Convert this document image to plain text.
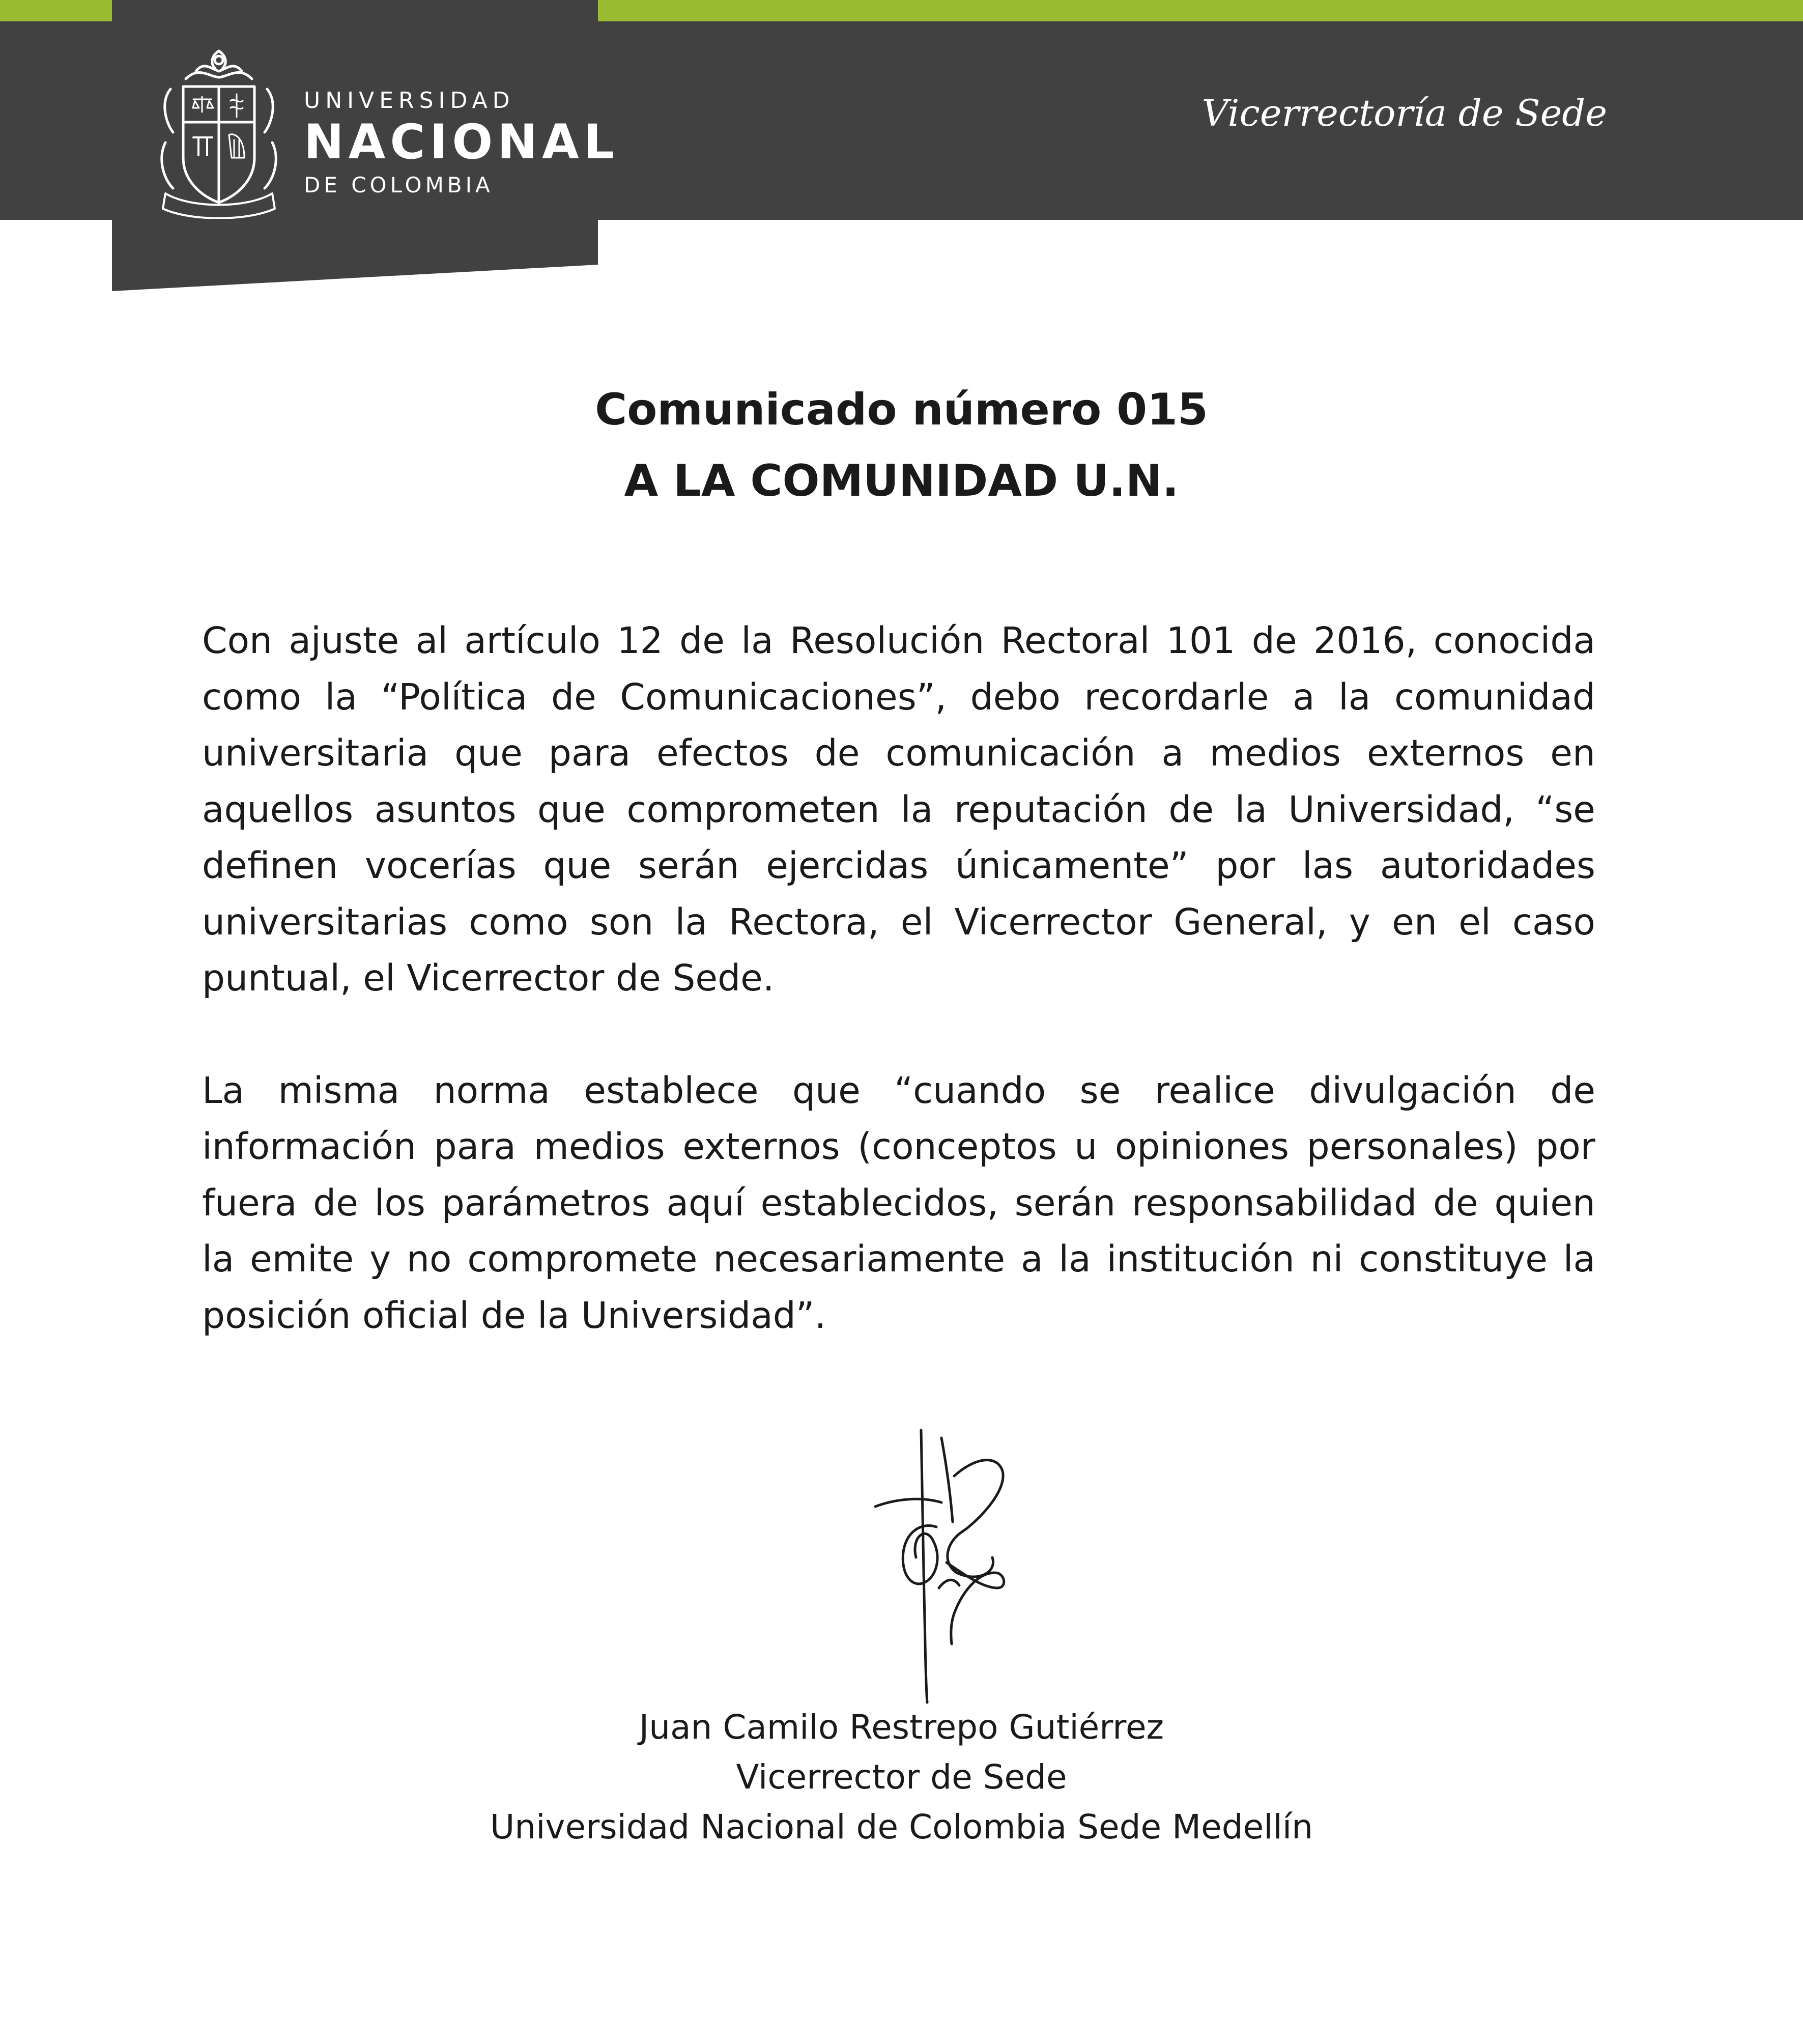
UNIVERSIDAD
NACIONAL
DE COLOMBIA
Vicerrectoría de Sede
Comunicado número 015
A LA COMUNIDAD U.N.

Con ajuste al artículo 12 de la Resolución Rectoral 101 de 2016, conocida como la “Política de Comunicaciones”, debo recordarle a la comunidad universitaria que para efectos de comunicación a medios externos en aquellos asuntos que comprometen la reputación de la Universidad, “se definen vocerías que serán ejercidas únicamente” por las autoridades universitarias como son la Rectora, el Vicerrector General, y en el caso puntual, el Vicerrector de Sede.

La misma norma establece que “cuando se realice divulgación de información para medios externos (conceptos u opiniones personales) por fuera de los parámetros aquí establecidos, serán responsabilidad de quien la emite y no compromete necesariamente a la institución ni constituye la posición oficial de la Universidad”.

Juan Camilo Restrepo Gutiérrez
Vicerrector de Sede
Universidad Nacional de Colombia Sede Medellín
